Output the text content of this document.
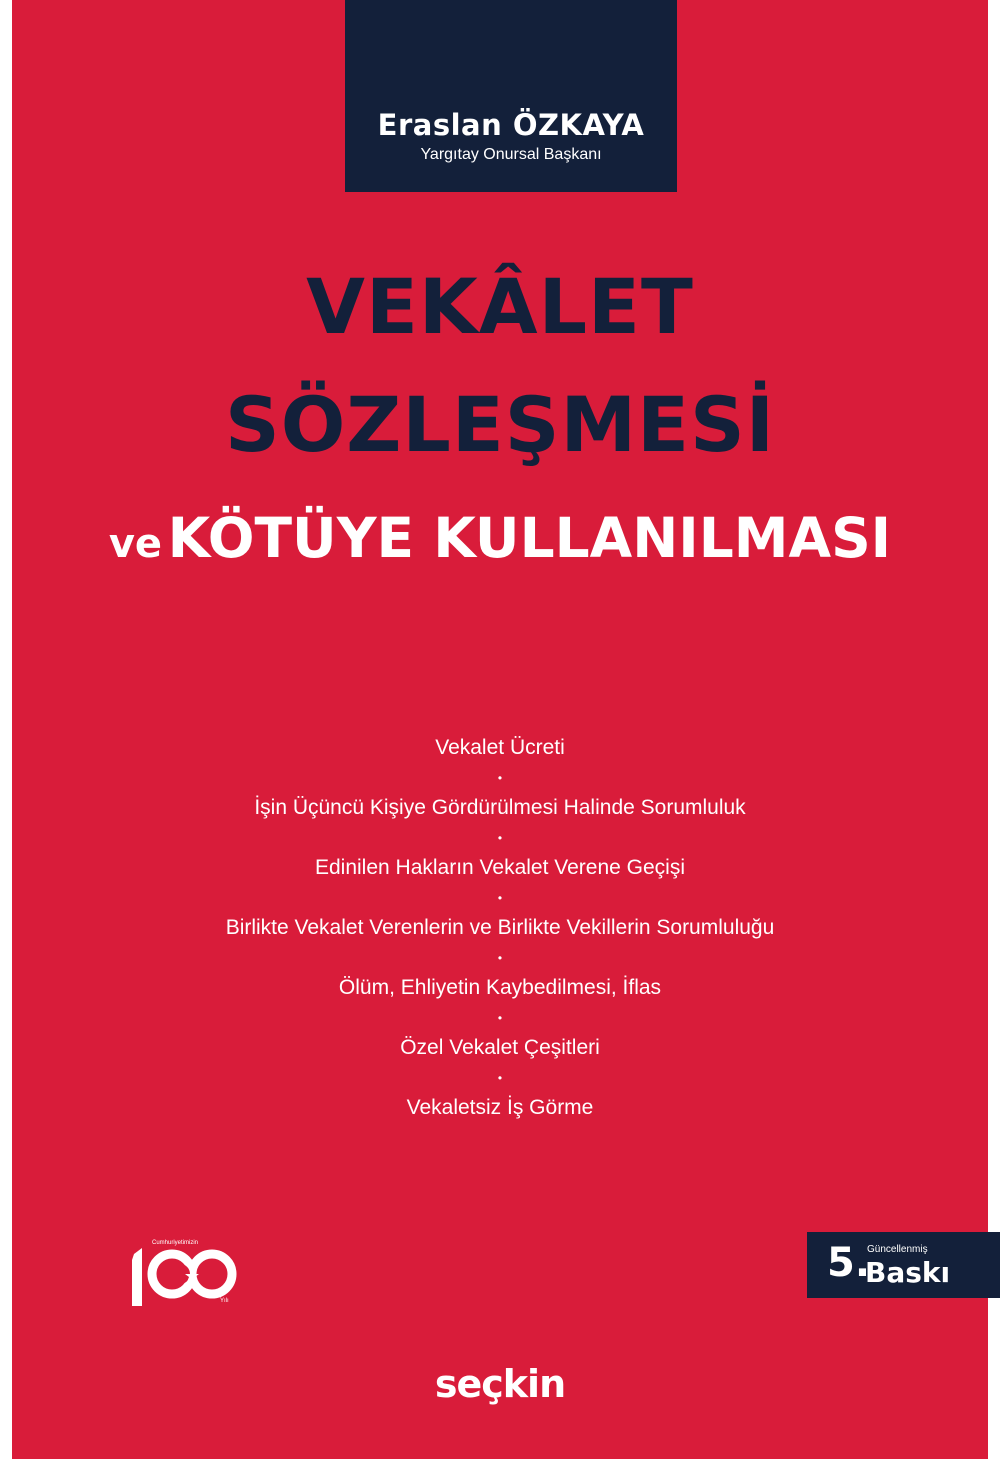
Eraslan ÖZKAYA
Yargıtay Onursal Başkanı
VEKÂLET
SÖZLEŞMESİ
ve KÖTÜYE KULLANILMASI
Vekalet Ücreti
•
İşin Üçüncü Kişiye Gördürülmesi Halinde Sorumluluk
•
Edinilen Hakların Vekalet Verene Geçişi
•
Birlikte Vekalet Verenlerin ve Birlikte Vekillerin Sorumluluğu
•
Ölüm, Ehliyetin Kaybedilmesi, İflas
•
Özel Vekalet Çeşitleri
•
Vekaletsiz İş Görme
Cumhuriyetimizin
Yılı
5.
Güncellenmiş
Baskı
seçkin
